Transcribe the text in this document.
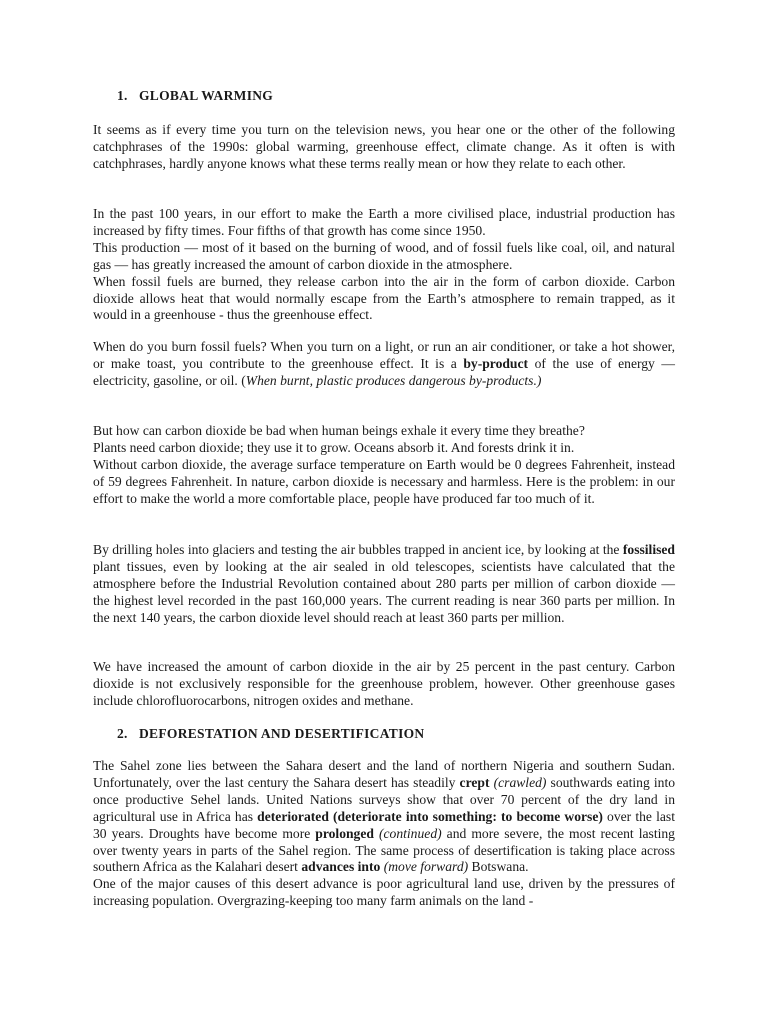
1. GLOBAL WARMING

It seems as if every time you turn on the television news, you hear one or the other of the following catchphrases of the 1990s: global warming, greenhouse effect, climate change. As it often is with catchphrases, hardly anyone knows what these terms really mean or how they relate to each other.

In the past 100 years, in our effort to make the Earth a more civilised place, industrial production has increased by fifty times. Four fifths of that growth has come since 1950.
This production — most of it based on the burning of wood, and of fossil fuels like coal, oil, and natural gas — has greatly increased the amount of carbon dioxide in the atmosphere.
When fossil fuels are burned, they release carbon into the air in the form of carbon dioxide. Carbon dioxide allows heat that would normally escape from the Earth’s atmosphere to remain trapped, as it would in a greenhouse - thus the greenhouse effect.

When do you burn fossil fuels? When you turn on a light, or run an air conditioner, or take a hot shower, or make toast, you contribute to the greenhouse effect. It is a by-product of the use of energy — electricity, gasoline, or oil. (When burnt, plastic produces dangerous by-products.)

But how can carbon dioxide be bad when human beings exhale it every time they breathe?
Plants need carbon dioxide; they use it to grow. Oceans absorb it. And forests drink it in.
Without carbon dioxide, the average surface temperature on Earth would be 0 degrees Fahrenheit, instead of 59 degrees Fahrenheit. In nature, carbon dioxide is necessary and harmless. Here is the problem: in our effort to make the world a more comfortable place, people have produced far too much of it.

By drilling holes into glaciers and testing the air bubbles trapped in ancient ice, by looking at the fossilised plant tissues, even by looking at the air sealed in old telescopes, scientists have calculated that the atmosphere before the Industrial Revolution contained about 280 parts per million of carbon dioxide — the highest level recorded in the past 160,000 years. The current reading is near 360 parts per million. In the next 140 years, the carbon dioxide level should reach at least 360 parts per million.

We have increased the amount of carbon dioxide in the air by 25 percent in the past century. Carbon dioxide is not exclusively responsible for the greenhouse problem, however. Other greenhouse gases include chlorofluorocarbons, nitrogen oxides and methane.

2. DEFORESTATION AND DESERTIFICATION
The Sahel zone lies between the Sahara desert and the land of northern Nigeria and southern Sudan. Unfortunately, over the last century the Sahara desert has steadily crept (crawled) southwards eating into once productive Sehel lands. United Nations surveys show that over 70 percent of the dry land in agricultural use in Africa has deteriorated (deteriorate into something: to become worse) over the last 30 years. Droughts have become more prolonged (continued) and more severe, the most recent lasting over twenty years in parts of the Sahel region. The same process of desertification is taking place across southern Africa as the Kalahari desert advances into (move forward) Botswana.
One of the major causes of this desert advance is poor agricultural land use, driven by the pressures of increasing population. Overgrazing-keeping too many farm animals on the land -
